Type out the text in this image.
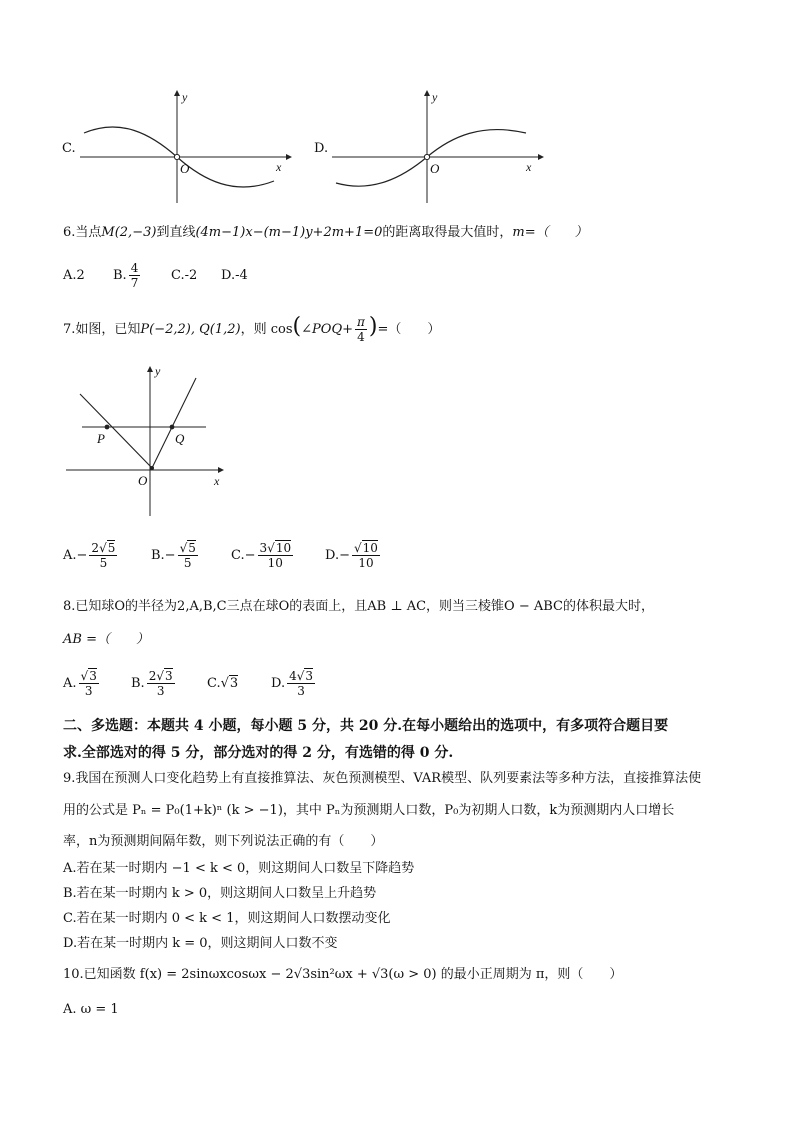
C.
y
x
O
D.
y
x
O
6.当点M(2,−3)到直线(4m−1)x−(m−1)y+2m+1=0的距离取得最大值时，m=（　　）
A.2 B. $\frac{4}{7} C.-2$ D.-4
7.如图，已知P(−2,2), Q(1,2)，则 cos(∠POQ+ $\frac{\pi}{4}$ )=（　　）
y
x
O
P	Q
$A.- \frac{2√5}{5}$	$B.- \frac{√5}{5}$	$C.- \frac{3√10}{10} D.- \frac{√10}{10}$
8.已知球O的半径为2,A,B,C三点在球O的表面上，且AB ⊥ AC，则当三棱锥O − ABC的体积最大时，
AB =（　　）
A. $\frac{√3}{3} B$. $\frac{2√3}{3} C.√3$	D. $\frac{4√3}{3}$
二、多选题：本题共 4 小题，每小题 5 分，共 20 分.在每小题给出的选项中，有多项符合题目要
求.全部选对的得 5 分，部分选对的得 2 分，有选错的得 0 分.
9.我国在预测人口变化趋势上有直接推算法、灰色预测模型、VAR模型、队列要素法等多种方法，直接推算法使
用的公式是 Pₙ = P₀(1+k)ⁿ (k > −1)，其中 Pₙ为预测期人口数，P₀为初期人口数，k为预测期内人口增长
率，n为预测期间隔年数，则下列说法正确的有（　　）
A.若在某一时期内 −1 < k < 0，则这期间人口数呈下降趋势
B.若在某一时期内 k > 0，则这期间人口数呈上升趋势
C.若在某一时期内 0 < k < 1，则这期间人口数摆动变化
D.若在某一时期内 k = 0，则这期间人口数不变
10.已知函数 f(x) = 2sinωxcosωx − 2√3sin²ωx + √3(ω > 0) 的最小正周期为 π，则（　　）
A. ω = 1
